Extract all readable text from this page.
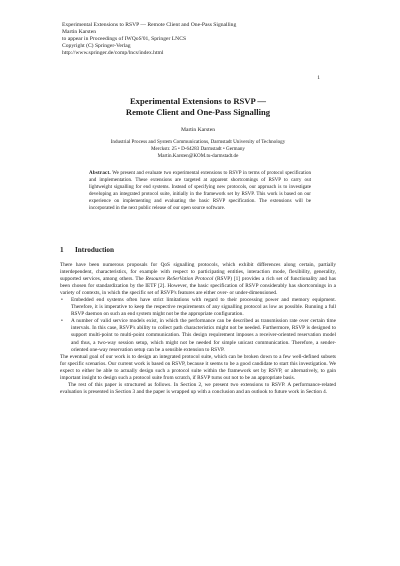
Experimental Extensions to RSVP — Remote Client and One-Pass Signalling
Martin Karsten
to appear in Proceedings of IWQoS'01, Springer LNCS
Copyright (C) Springer-Verlag
http://www.springer.de/comp/lncs/index.html
1
Experimental Extensions to RSVP —
Remote Client and One-Pass Signalling
Martin Karsten
Industrial Process and System Communications, Darmstadt University of Technology
Merckstr. 25 • D-64283 Darmstadt • Germany
Martin.Karsten@KOM.tu-darmstadt.de
Abstract. We present and evaluate two experimental extensions to RSVP in terms of protocol specification and implementation. These extensions are targeted at apparent shortcomings of RSVP to carry out lightweight signalling for end systems. Instead of specifying new protocols, our approach is to investigate developing an integrated protocol suite, initially in the framework set by RSVP. This work is based on our experience on implementing and evaluating the basic RSVP specification. The extensions will be incorporated in the next public release of our open source software.
1 Introduction

There have been numerous proposals for QoS signalling protocols, which exhibit differences along certain, partially interdependent, characteristics, for example with respect to participating entities, interaction mode, flexibility, generality, supported services, among others. The Resource ReSerVation Protocol (RSVP) [1] provides a rich set of functionality and has been chosen for standardization by the IETF [2]. However, the basic specification of RSVP considerably has shortcomings in a variety of contexts, in which the specific set of RSVP's features are either over- or under-dimensioned.

• Embedded end systems often have strict limitations with regard to their processing power and memory equipment. Therefore, it is imperative to keep the respective requirements of any signalling protocol as low as possible. Running a full RSVP daemon on such an end system might not be the appropriate configuration.
• A number of valid service models exist, in which the performance can be described as transmission rate over certain time intervals. In this case, RSVP's ability to collect path characteristics might not be needed. Furthermore, RSVP is designed to support multi-point to multi-point communication. This design requirement imposes a receiver-oriented reservation model and thus, a two-way session setup, which might not be needed for simple unicast communication. Therefore, a sender-oriented one-way reservation setup can be a sensible extension to RSVP.

The eventual goal of our work is to design an integrated protocol suite, which can be broken down to a few well-defined subsets for specific scenarios. Our current work is based on RSVP, because it seems to be a good candidate to start this investigation. We expect to either be able to actually design such a protocol suite within the framework set by RSVP, or alternatively, to gain important insight to design such a protocol suite from scratch, if RSVP turns out not to be an appropriate basis.

The rest of this paper is structured as follows. In Section 2, we present two extensions to RSVP. A performance-related evaluation is presented in Section 3 and the paper is wrapped up with a conclusion and an outlook to future work in Section 4.
